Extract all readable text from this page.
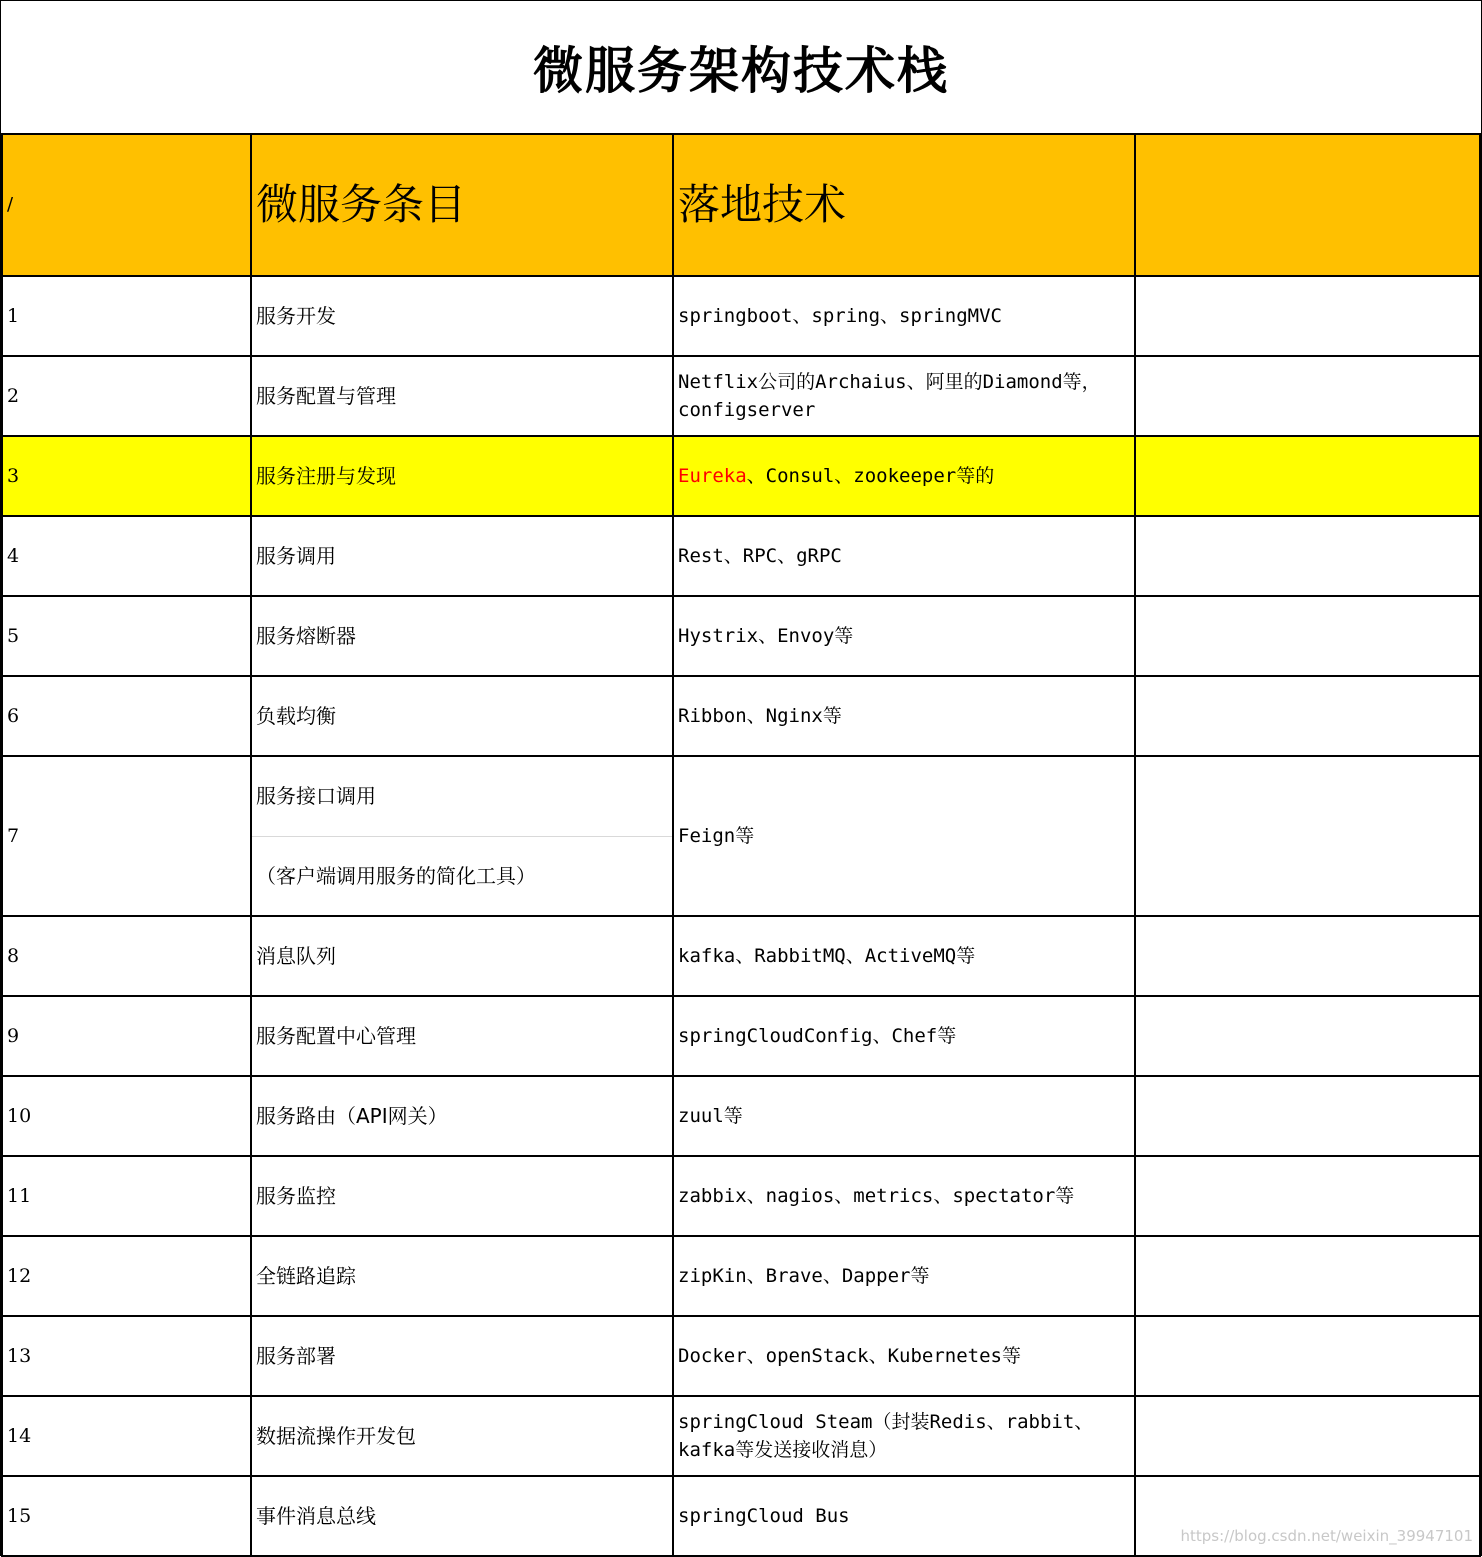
微服务架构技术栈
/	微服务条目	落地技术	
1	服务开发	springboot、spring、springMVC	
2	服务配置与管理	Netflix公司的Archaius、阿里的Diamond等，
configserver	

3	服务注册与发现	Eureka、Consul、zookeeper等的	
4	服务调用	Rest、RPC、gRPC	
5	服务熔断器	Hystrix、Envoy等	
6	负载均衡	Ribbon、Nginx等	
7	服务接口调用
（客户端调用服务的简化工具）	Feign等	
8	消息队列	kafka、RabbitMQ、ActiveMQ等	
9	服务配置中心管理	springCloudConfig、Chef等	
10	服务路由（API网关）	zuul等	
11	服务监控	zabbix、nagios、metrics、spectator等	
12	全链路追踪	zipKin、Brave、Dapper等	
13	服务部署	Docker、openStack、Kubernetes等	
14	数据流操作开发包	springCloud Steam（封装Redis、rabbit、
kafka等发送接收消息）	

15	事件消息总线	springCloud Bus	
https://blog.csdn.net/weixin_39947101
